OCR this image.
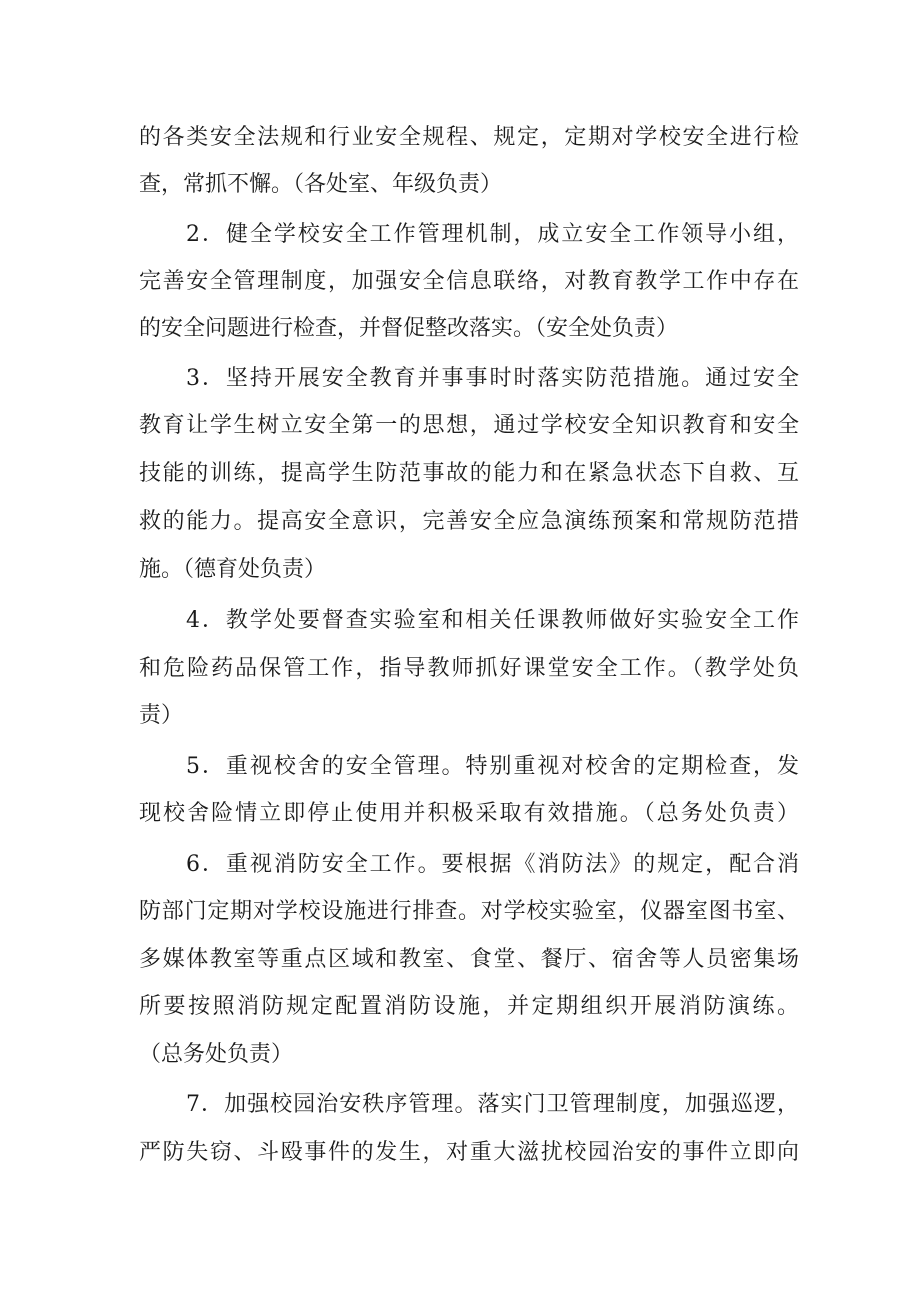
的各类安全法规和行业安全规程、规定，定期对学校安全进行检
查，常抓不懈。（各处室、年级负责）
2．健全学校安全工作管理机制，成立安全工作领导小组，
完善安全管理制度，加强安全信息联络，对教育教学工作中存在
的安全问题进行检查，并督促整改落实。（安全处负责）
3．坚持开展安全教育并事事时时落实防范措施。通过安全
教育让学生树立安全第一的思想，通过学校安全知识教育和安全
技能的训练，提高学生防范事故的能力和在紧急状态下自救、互
救的能力。提高安全意识，完善安全应急演练预案和常规防范措
施。（德育处负责）
4．教学处要督查实验室和相关任课教师做好实验安全工作
和危险药品保管工作，指导教师抓好课堂安全工作。（教学处负
责）
5．重视校舍的安全管理。特别重视对校舍的定期检查，发
现校舍险情立即停止使用并积极采取有效措施。（总务处负责）
6．重视消防安全工作。要根据《消防法》的规定，配合消
防部门定期对学校设施进行排查。对学校实验室，仪器室图书室、
多媒体教室等重点区域和教室、食堂、餐厅、宿舍等人员密集场
所要按照消防规定配置消防设施，并定期组织开展消防演练。
（总务处负责）
7．加强校园治安秩序管理。落实门卫管理制度，加强巡逻，
严防失窃、斗殴事件的发生，对重大滋扰校园治安的事件立即向
